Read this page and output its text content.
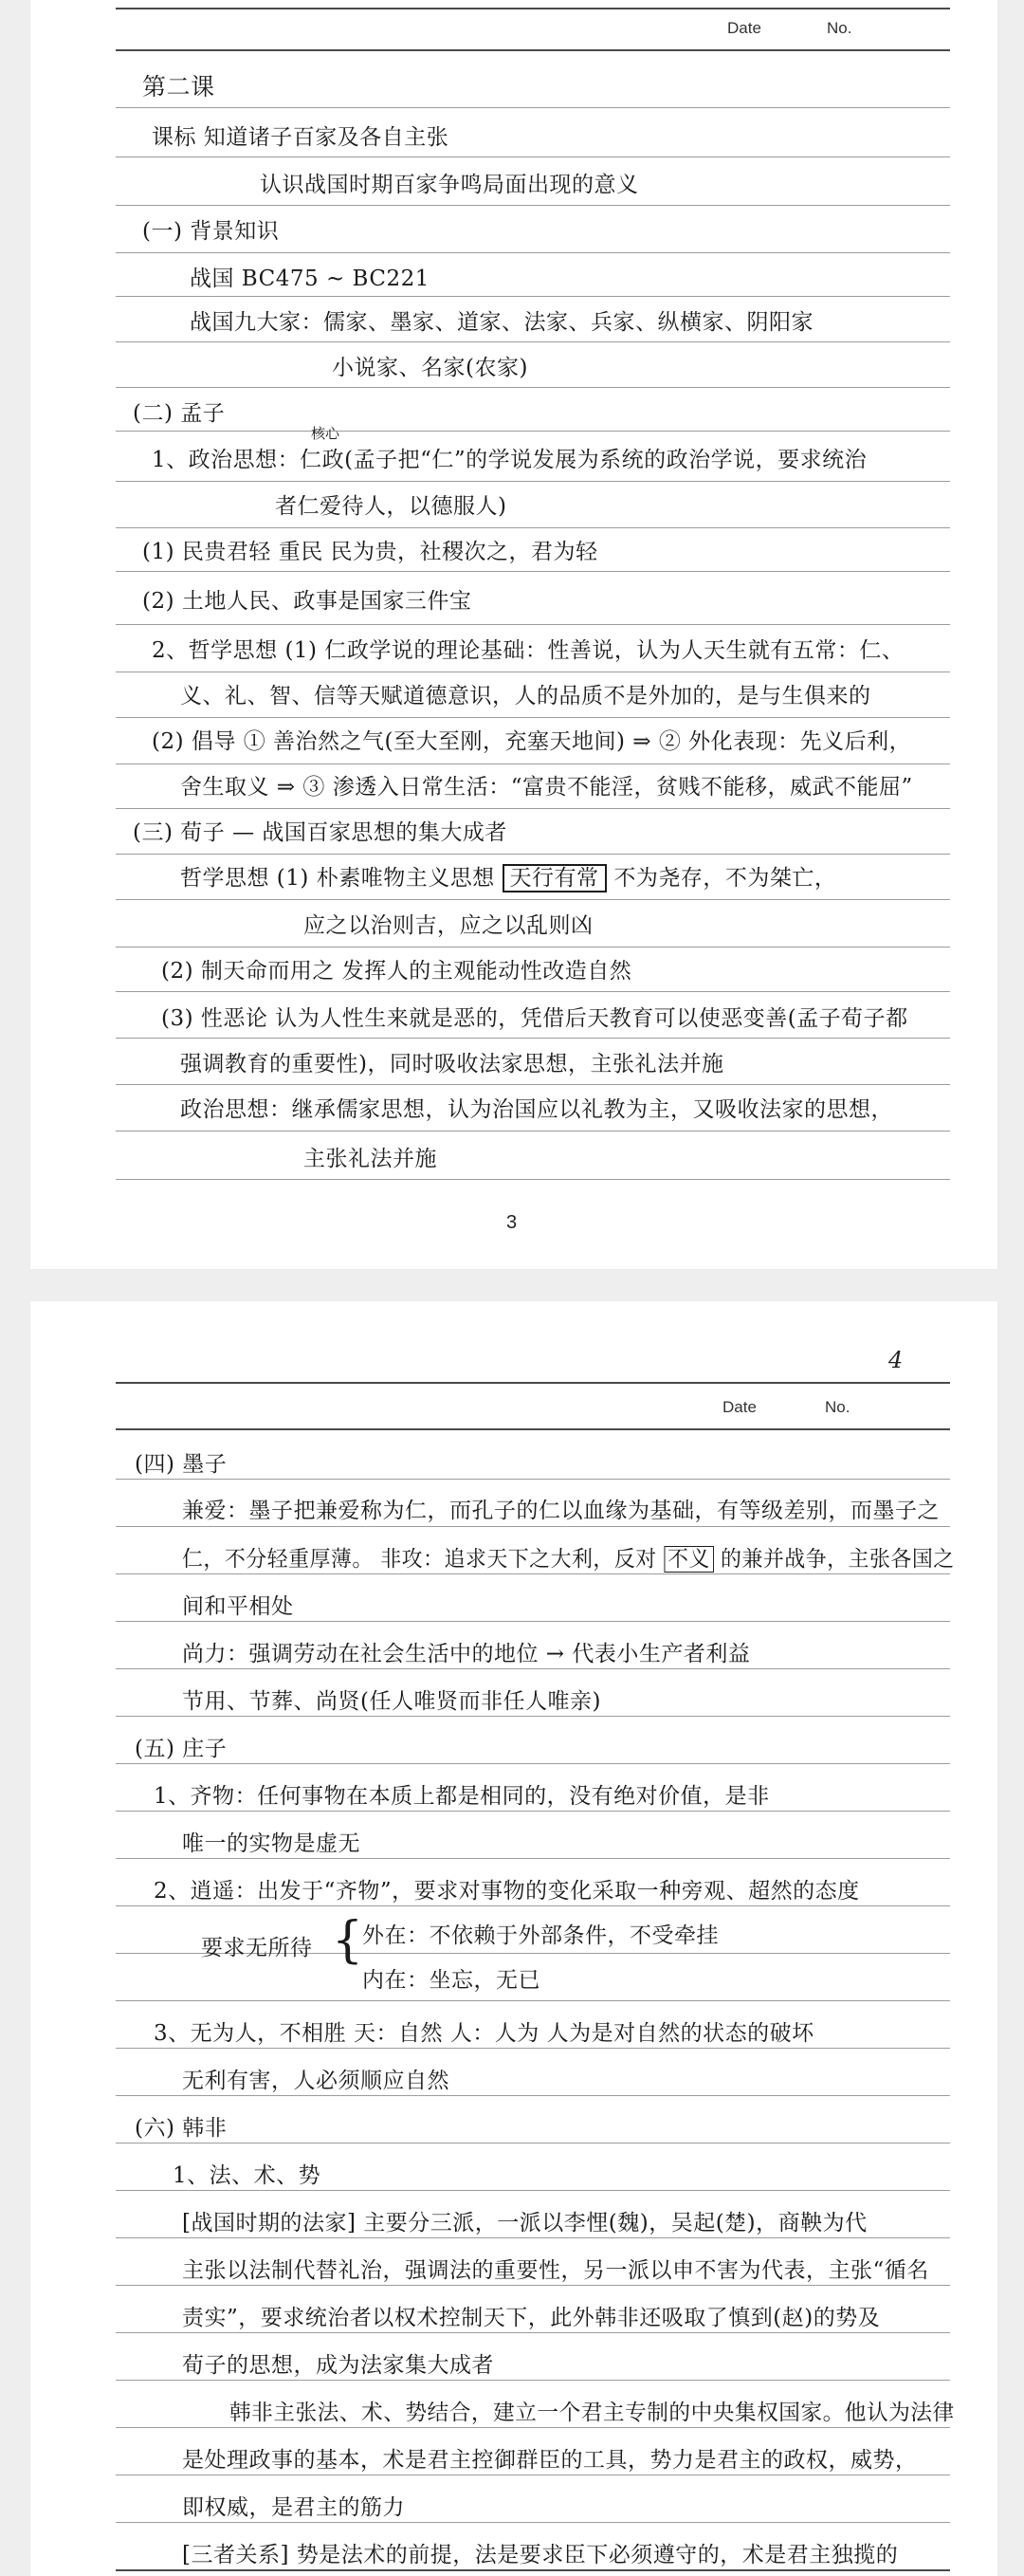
Date	No.
第二课
课标 知道诸子百家及各自主张
认识战国时期百家争鸣局面出现的意义
(一) 背景知识
战国 BC475 ~ BC221
战国九大家：儒家、墨家、道家、法家、兵家、纵横家、阴阳家
小说家、名家(农家)
(二) 孟子
核心
1、政治思想：仁政(孟子把“仁”的学说发展为系统的政治学说，要求统治
者仁爱待人，以德服人)
(1) 民贵君轻 重民 民为贵，社稷次之，君为轻
(2) 土地人民、政事是国家三件宝
2、哲学思想 (1) 仁政学说的理论基础：性善说，认为人天生就有五常：仁、
义、礼、智、信等天赋道德意识，人的品质不是外加的，是与生俱来的
(2) 倡导 ① 善治然之气(至大至刚，充塞天地间) ⇒ ② 外化表现：先义后利，
舍生取义 ⇒ ③ 渗透入日常生活：“富贵不能淫，贫贱不能移，威武不能屈”
(三) 荀子 — 战国百家思想的集大成者
哲学思想 (1) 朴素唯物主义思想 天行有常 不为尧存，不为桀亡，
应之以治则吉，应之以乱则凶
(2) 制天命而用之 发挥人的主观能动性改造自然
(3) 性恶论 认为人性生来就是恶的，凭借后天教育可以使恶变善(孟子荀子都
强调教育的重要性)，同时吸收法家思想，主张礼法并施
政治思想：继承儒家思想，认为治国应以礼教为主，又吸收法家的思想，
主张礼法并施
3
4
Date	No.
(四) 墨子
兼爱：墨子把兼爱称为仁，而孔子的仁以血缘为基础，有等级差别，而墨子之
仁，不分轻重厚薄。 非攻：追求天下之大利，反对 不义 的兼并战争，主张各国之
间和平相处
尚力：强调劳动在社会生活中的地位 → 代表小生产者利益
节用、节葬、尚贤(任人唯贤而非任人唯亲)
(五) 庄子
1、齐物：任何事物在本质上都是相同的，没有绝对价值，是非
唯一的实物是虚无
2、逍遥：出发于“齐物”，要求对事物的变化采取一种旁观、超然的态度
要求无所待 {
外在：不依赖于外部条件，不受牵挂
内在：坐忘，无已
3、无为人，不相胜 天：自然 人：人为 人为是对自然的状态的破坏
无利有害，人必须顺应自然
(六) 韩非
1、法、术、势
[战国时期的法家] 主要分三派，一派以李悝(魏)，吴起(楚)，商鞅为代
主张以法制代替礼治，强调法的重要性，另一派以申不害为代表，主张“循名
责实”，要求统治者以权术控制天下，此外韩非还吸取了慎到(赵)的势及
荀子的思想，成为法家集大成者
韩非主张法、术、势结合，建立一个君主专制的中央集权国家。他认为法律
是处理政事的基本，术是君主控御群臣的工具，势力是君主的政权，威势，
即权威，是君主的筋力
[三者关系] 势是法术的前提，法是要求臣下必须遵守的，术是君主独揽的
